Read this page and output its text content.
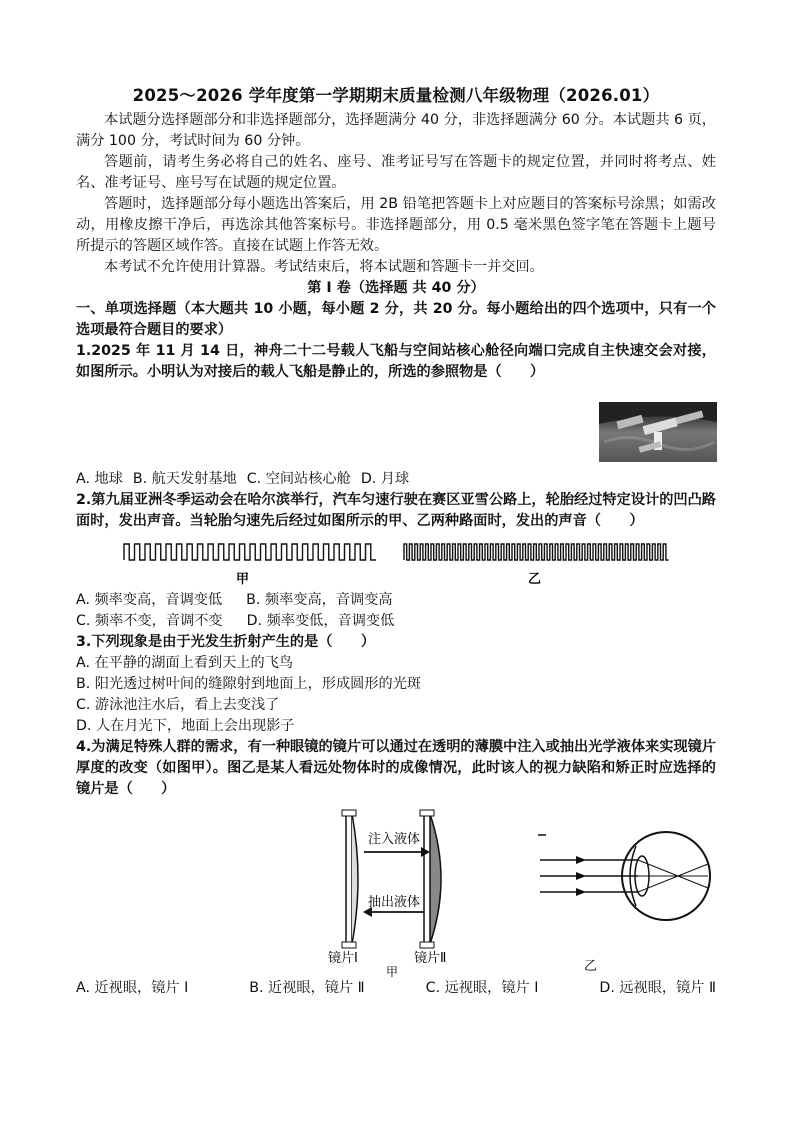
2025～2026 学年度第一学期期末质量检测八年级物理（2026.01）

本试题分选择题部分和非选择题部分，选择题满分 40 分，非选择题满分 60 分。本试题共 6 页，满分 100 分，考试时间为 60 分钟。

答题前，请考生务必将自己的姓名、座号、准考证号写在答题卡的规定位置，并同时将考点、姓名、准考证号、座号写在试题的规定位置。

答题时，选择题部分每小题选出答案后，用 2B 铅笔把答题卡上对应题目的答案标号涂黑；如需改动，用橡皮擦干净后，再选涂其他答案标号。非选择题部分，用 0.5 毫米黑色签字笔在答题卡上题号所提示的答题区域作答。直接在试题上作答无效。

本考试不允许使用计算器。考试结束后，将本试题和答题卡一并交回。

第 Ⅰ 卷（选择题 共 40 分）

一、单项选择题（本大题共 10 小题，每小题 2 分，共 20 分。每小题给出的四个选项中，只有一个选项最符合题目的要求）

1.2025 年 11 月 14 日，神舟二十二号载人飞船与空间站核心舱径向端口完成自主快速交会对接，如图所示。小明认为对接后的载人飞船是静止的，所选的参照物是（　　）

A. 地球 B. 航天发射基地 C. 空间站核心舱 D. 月球

2.第九届亚洲冬季运动会在哈尔滨举行，汽车匀速行驶在赛区亚雪公路上，轮胎经过特定设计的凹凸路面时，发出声音。当轮胎匀速先后经过如图所示的甲、乙两种路面时，发出的声音（　　）

甲	乙
A. 频率变高，音调变低 B. 频率变高，音调变高
C. 频率不变，音调不变 D. 频率变低，音调变低

3.下列现象是由于光发生折射产生的是（　　）

A. 在平静的湖面上看到天上的飞鸟
B. 阳光透过树叶间的缝隙射到地面上，形成圆形的光斑
C. 游泳池注水后，看上去变浅了
D. 人在月光下，地面上会出现影子

4.为满足特殊人群的需求，有一种眼镜的镜片可以通过在透明的薄膜中注入或抽出光学液体来实现镜片厚度的改变（如图甲）。图乙是某人看远处物体时的成像情况，此时该人的视力缺陷和矫正时应选择的镜片是（　　）

注入液体
抽出液体
镜片Ⅰ	镜片Ⅱ
甲	乙
A. 近视眼，镜片 Ⅰ	B. 近视眼，镜片 Ⅱ	C. 远视眼，镜片 Ⅰ	D. 远视眼，镜片 Ⅱ
